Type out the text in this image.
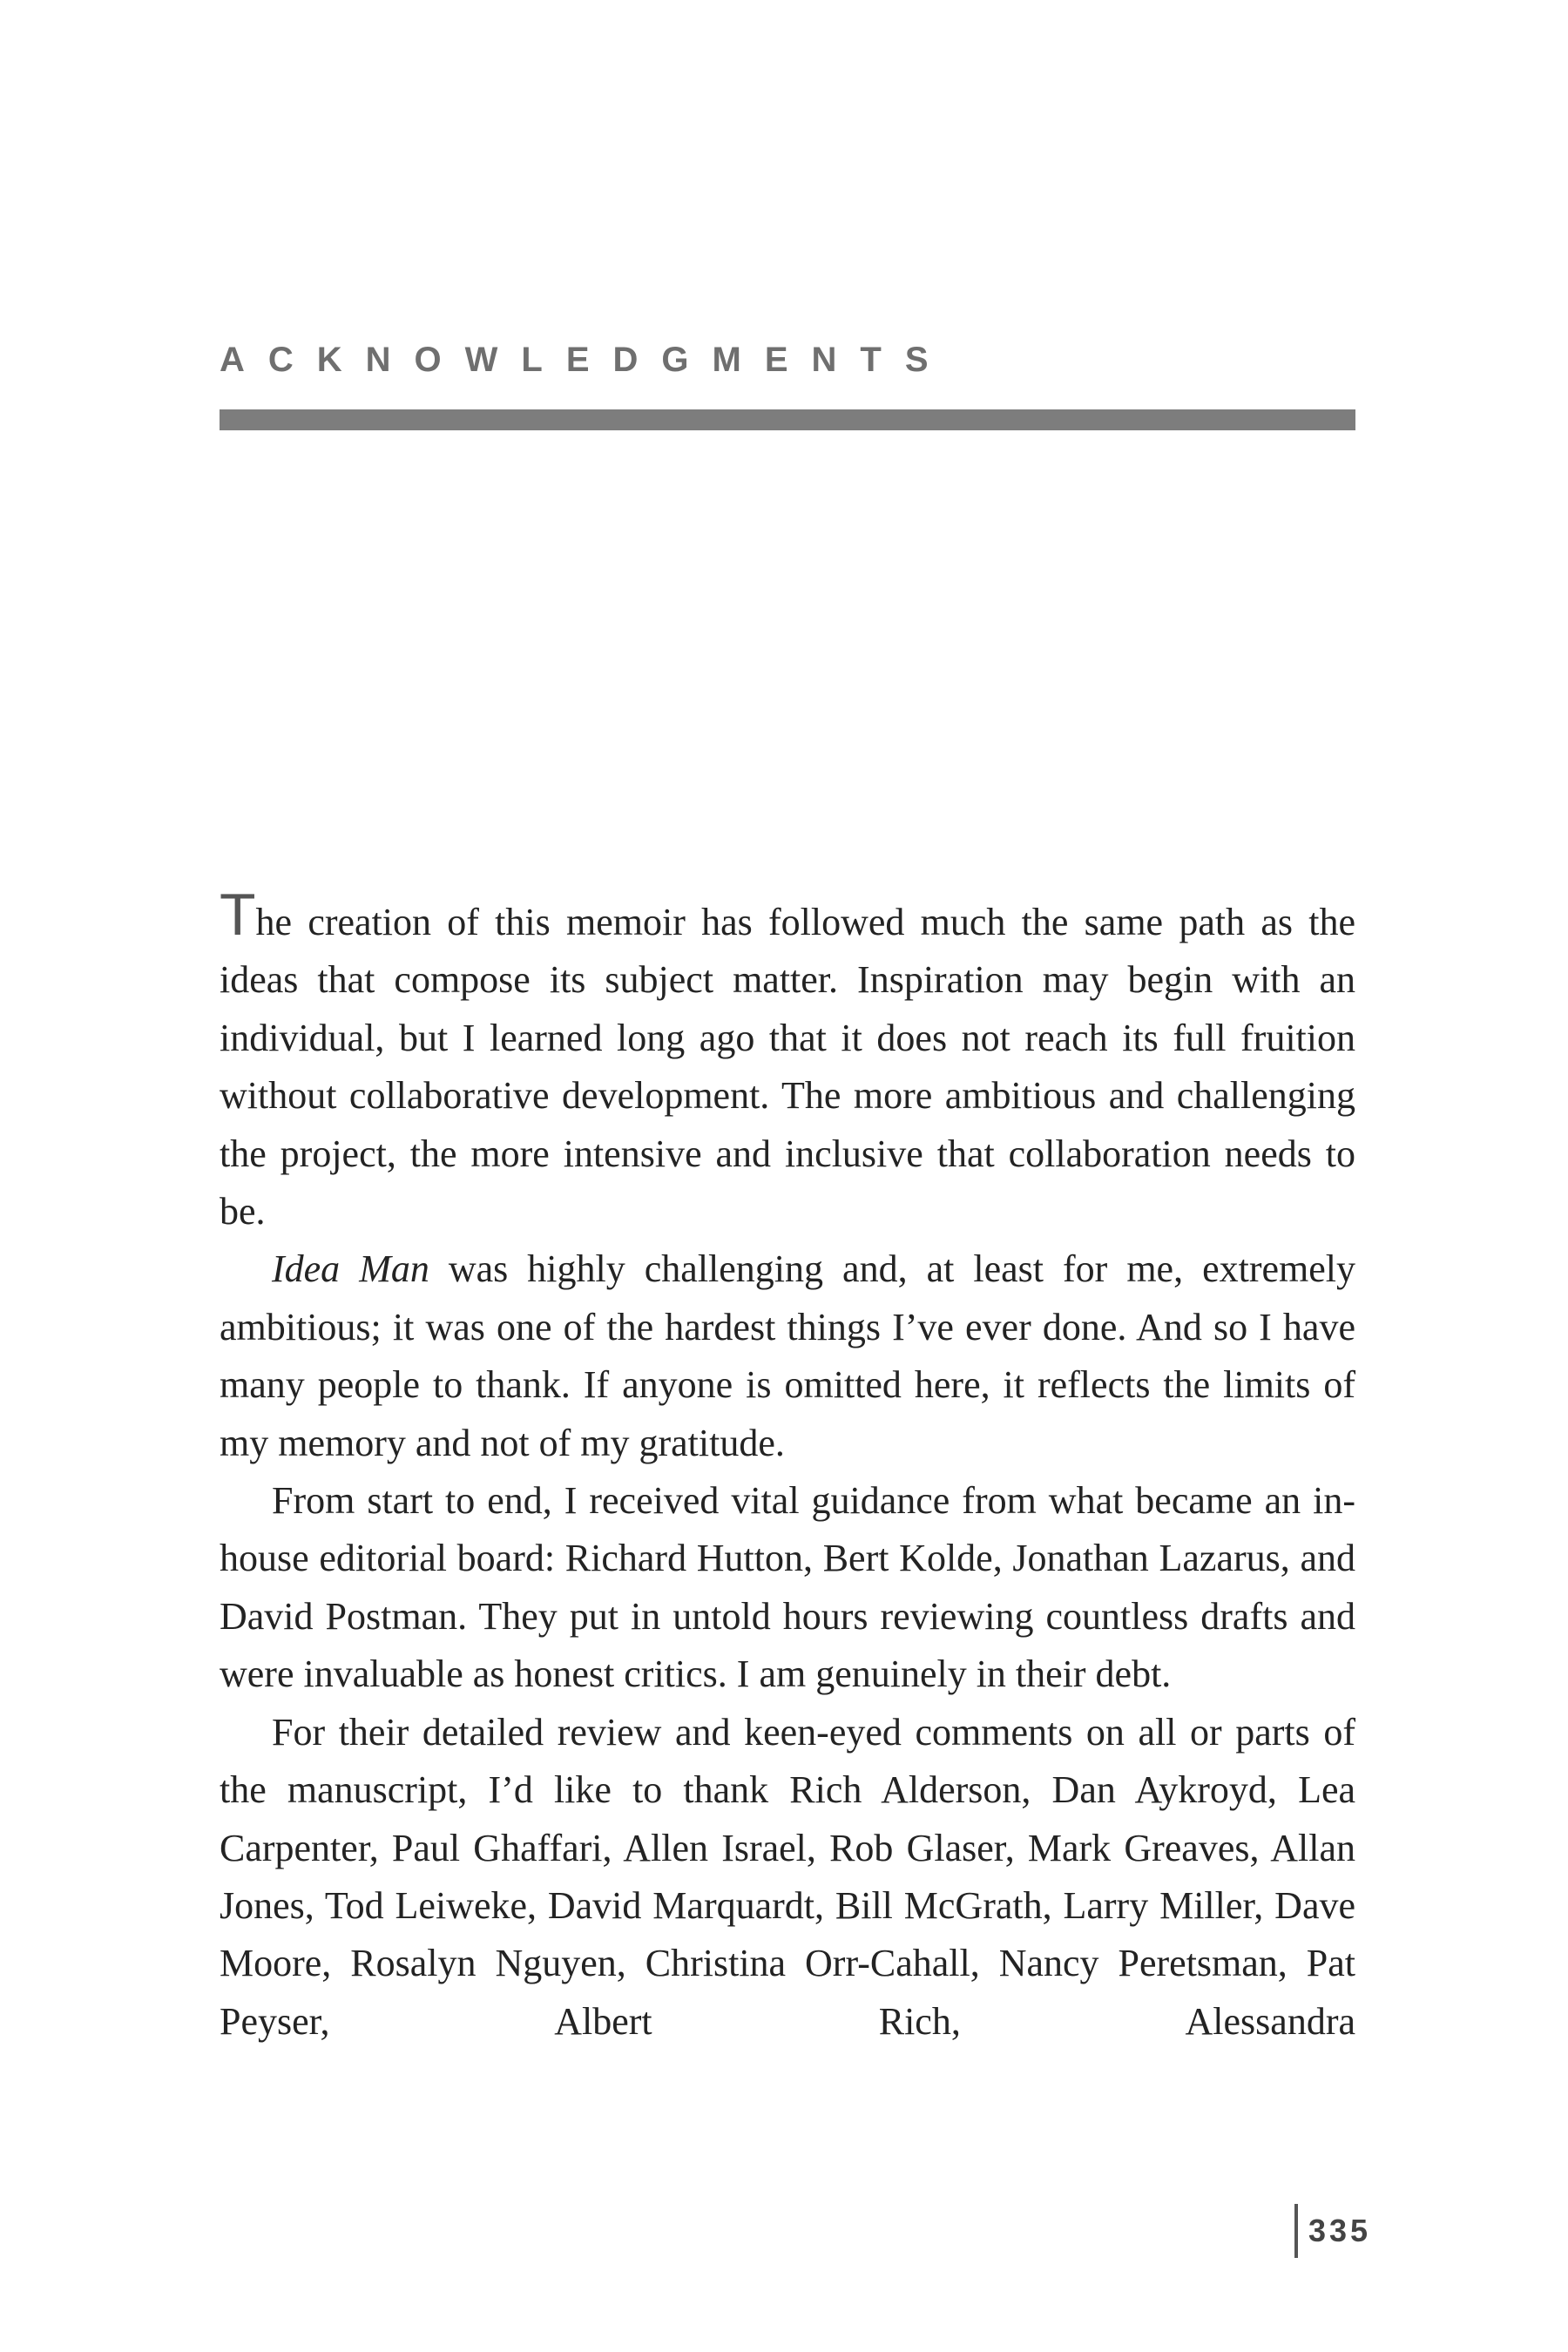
ACKNOWLEDGMENTS

The creation of this memoir has followed much the same path as the ideas that compose its subject matter. Inspiration may begin with an individual, but I learned long ago that it does not reach its full fruition without collaborative development. The more ambitious and challenging the project, the more intensive and inclusive that collaboration needs to be.

Idea Man was highly challenging and, at least for me, extremely ambitious; it was one of the hardest things I’ve ever done. And so I have many people to thank. If anyone is omitted here, it reflects the limits of my memory and not of my gratitude.

From start to end, I received vital guidance from what became an in-house editorial board: Richard Hutton, Bert Kolde, Jonathan Lazarus, and David Postman. They put in untold hours reviewing countless drafts and were invaluable as honest critics. I am genuinely in their debt.

For their detailed review and keen-eyed comments on all or parts of the manuscript, I’d like to thank Rich Alderson, Dan Aykroyd, Lea Carpenter, Paul Ghaffari, Allen Israel, Rob Glaser, Mark Greaves, Allan Jones, Tod Leiweke, David Marquardt, Bill McGrath, Larry Miller, Dave Moore, Rosalyn Nguyen, Christina Orr-Cahall, Nancy Peretsman, Pat Peyser, Albert Rich, Alessandra

335
